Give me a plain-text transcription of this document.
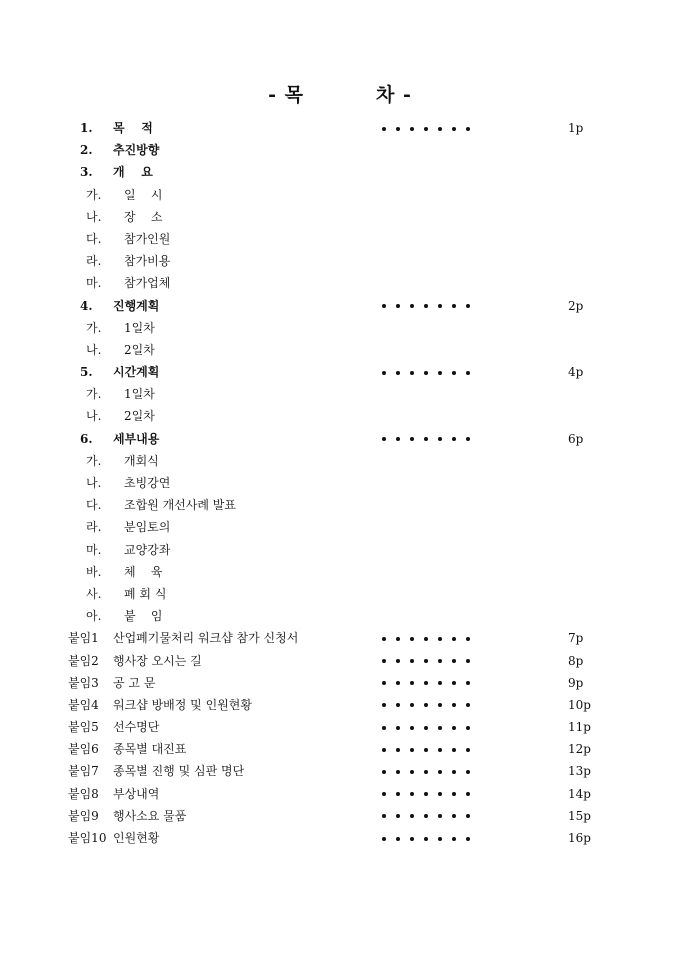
- 목	차 -
1.	목    적	1p
2.	추진방향
3.	개    요
가.	일    시
나.	장    소
다.	참가인원
라.	참가비용
마.	참가업체
4.	진행계획	2p
가.	1일차
나.	2일차
5.	시간계획	4p
가.	1일차
나.	2일차
6.	세부내용	6p
가.	개회식
나.	초빙강연
다.	조합원 개선사례 발표
라.	분임토의
마.	교양강좌
바.	체    육
사.	폐 회 식
아.	붙    임
붙임1	산업폐기물처리 워크샵 참가 신청서	7p
붙임2	행사장 오시는 길	8p
붙임3	공 고 문	9p
붙임4	워크샵 방배정 및 인원현황	10p
붙임5	선수명단	11p
붙임6	종목별 대진표	12p
붙임7	종목별 진행 및 심판 명단	13p
붙임8	부상내역	14p
붙임9	행사소요 물품	15p
붙임10 인원현황	16p
